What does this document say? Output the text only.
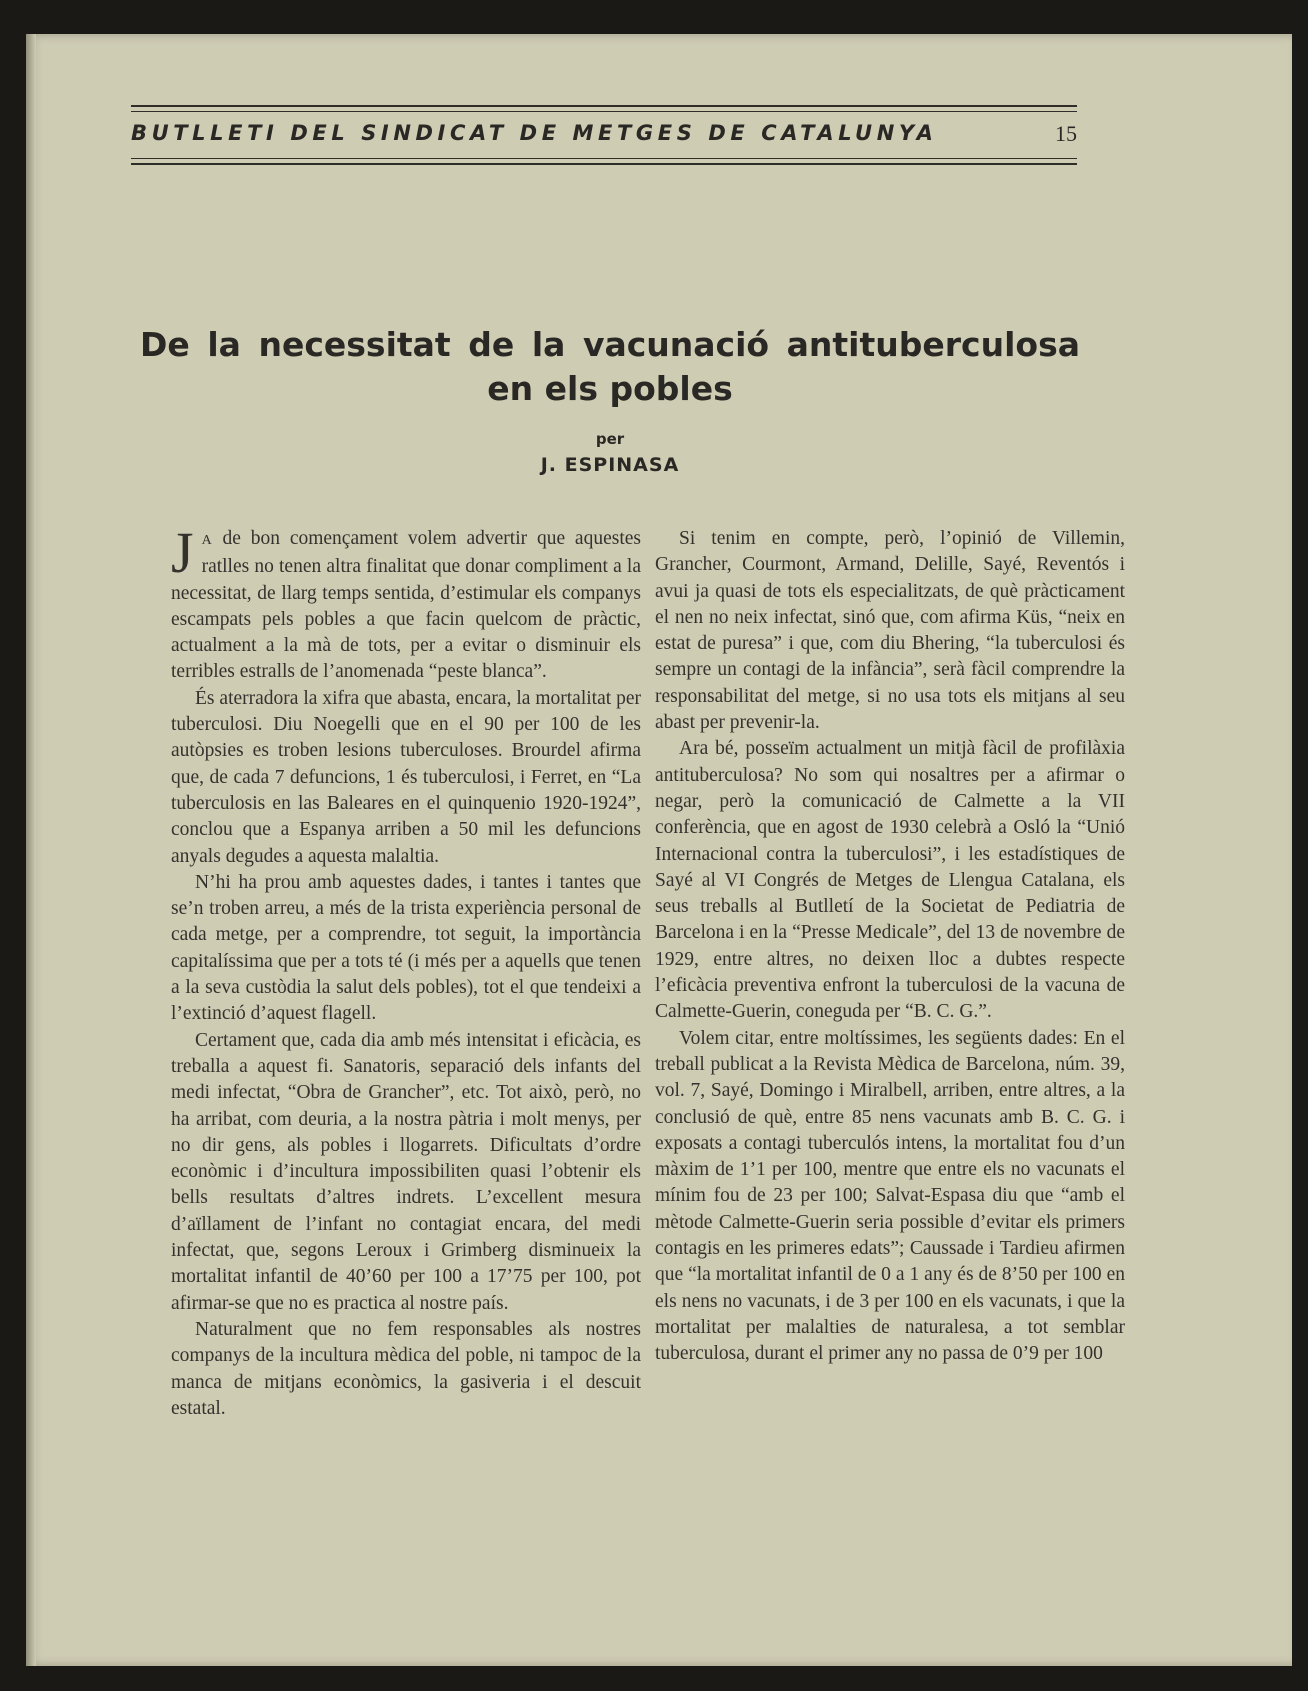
BUTLLETI DEL SINDICAT DE METGES DE CATALUNYA	15
De la necessitat de la vacunació antituberculosa
en els pobles
per
J. ESPINASA

J A de bon començament volem advertir que aquestes ratlles no tenen altra finalitat que donar compliment a la necessitat, de llarg temps sentida, d’estimular els companys escampats pels pobles a que facin quelcom de pràctic, actualment a la mà de tots, per a evitar o disminuir els terribles estralls de l’anomenada “peste blanca”.

És aterradora la xifra que abasta, encara, la mortalitat per tuberculosi. Diu Noegelli que en el 90 per 100 de les autòpsies es troben lesions tuberculoses. Brourdel afirma que, de cada 7 defuncions, 1 és tuberculosi, i Ferret, en “La tuberculosis en las Baleares en el quinquenio 1920-1924”, conclou que a Espanya arriben a 50 mil les defuncions anyals degudes a aquesta malaltia.

N’hi ha prou amb aquestes dades, i tantes i tantes que se’n troben arreu, a més de la trista experiència personal de cada metge, per a comprendre, tot seguit, la importància capitalíssima que per a tots té (i més per a aquells que tenen a la seva custòdia la salut dels pobles), tot el que tendeixi a l’extinció d’aquest flagell.

Certament que, cada dia amb més intensitat i eficàcia, es treballa a aquest fi. Sanatoris, separació dels infants del medi infectat, “Obra de Grancher”, etc. Tot això, però, no ha arribat, com deuria, a la nostra pàtria i molt menys, per no dir gens, als pobles i llogarrets. Dificultats d’ordre econòmic i d’incultura impossibiliten quasi l’obtenir els bells resultats d’altres indrets. L’excellent mesura d’aïllament de l’infant no contagiat encara, del medi infectat, que, segons Leroux i Grimberg disminueix la mortalitat infantil de 40’60 per 100 a 17’75 per 100, pot afirmar-se que no es practica al nostre país.

Naturalment que no fem responsables als nostres companys de la incultura mèdica del poble, ni tampoc de la manca de mitjans econòmics, la gasiveria i el descuit estatal.

Si tenim en compte, però, l’opinió de Villemin, Grancher, Courmont, Armand, Delille, Sayé, Reventós i avui ja quasi de tots els especialitzats, de què pràcticament el nen no neix infectat, sinó que, com afirma Küs, “neix en estat de puresa” i que, com diu Bhering, “la tuberculosi és sempre un contagi de la infància”, serà fàcil comprendre la responsabilitat del metge, si no usa tots els mitjans al seu abast per prevenir-la.

Ara bé, posseïm actualment un mitjà fàcil de profilàxia antituberculosa? No som qui nosaltres per a afirmar o negar, però la comunicació de Calmette a la VII conferència, que en agost de 1930 celebrà a Osló la “Unió Internacional contra la tuberculosi”, i les estadístiques de Sayé al VI Congrés de Metges de Llengua Catalana, els seus treballs al Butlletí de la Societat de Pediatria de Barcelona i en la “Presse Medicale”, del 13 de novembre de 1929, entre altres, no deixen lloc a dubtes respecte l’eficàcia preventiva enfront la tuberculosi de la vacuna de Calmette-Guerin, coneguda per “B. C. G.”.

Volem citar, entre moltíssimes, les següents dades: En el treball publicat a la Revista Mèdica de Barcelona, núm. 39, vol. 7, Sayé, Domingo i Miralbell, arriben, entre altres, a la conclusió de què, entre 85 nens vacunats amb B. C. G. i exposats a contagi tuberculós intens, la mortalitat fou d’un màxim de 1’1 per 100, mentre que entre els no vacunats el mínim fou de 23 per 100; Salvat-Espasa diu que “amb el mètode Calmette-Guerin seria possible d’evitar els primers contagis en les primeres edats”; Caussade i Tardieu afirmen que “la mortalitat infantil de 0 a 1 any és de 8’50 per 100 en els nens no vacunats, i de 3 per 100 en els vacunats, i que la mortalitat per malalties de naturalesa, a tot semblar tuberculosa, durant el primer any no passa de 0’9 per 100
